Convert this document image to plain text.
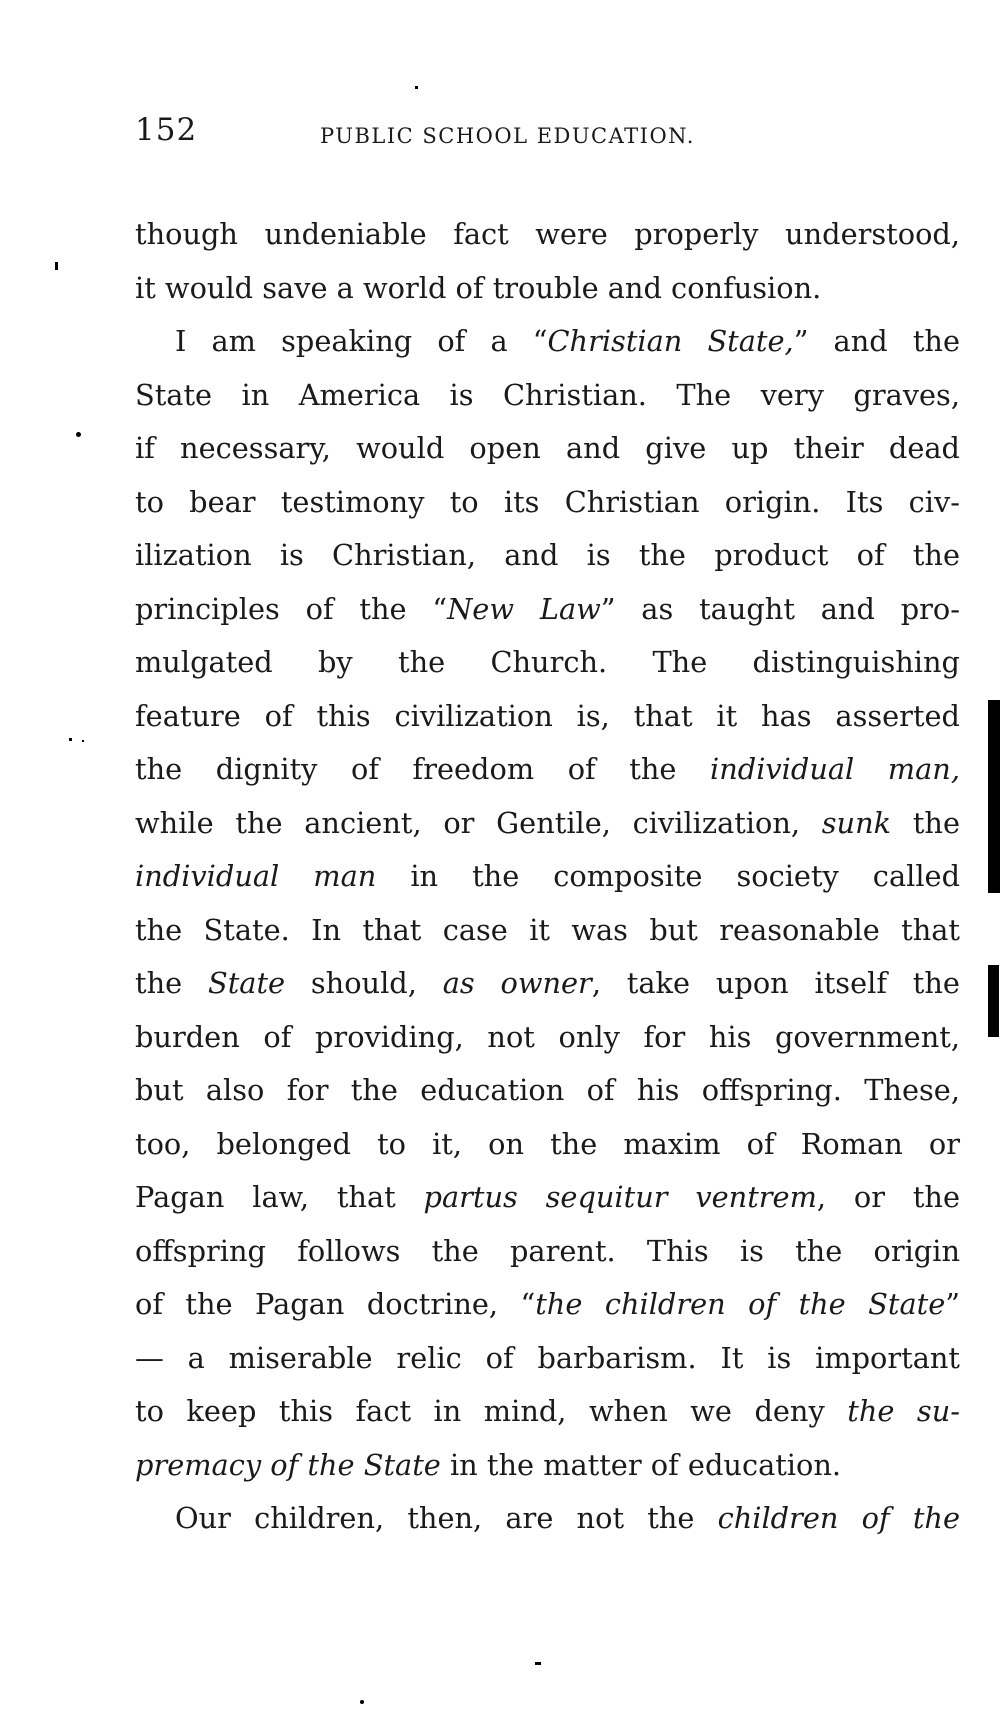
152	PUBLIC SCHOOL EDUCATION.
though undeniable fact were properly understood,
it would save a world of trouble and confusion.
I am speaking of a “Christian State,” and the
State in America is Christian. The very graves,
if necessary, would open and give up their dead
to bear testimony to its Christian origin. Its civ-
ilization is Christian, and is the product of the
principles of the “New Law” as taught and pro-
mulgated by the Church. The distinguishing
feature of this civilization is, that it has asserted
the dignity of freedom of the individual man,
while the ancient, or Gentile, civilization, sunk the
individual man in the composite society called
the State. In that case it was but reasonable that
the State should, as owner, take upon itself the
burden of providing, not only for his government,
but also for the education of his offspring. These,
too, belonged to it, on the maxim of Roman or
Pagan law, that partus sequitur ventrem, or the
offspring follows the parent. This is the origin
of the Pagan doctrine, “the children of the State”
— a miserable relic of barbarism. It is important
to keep this fact in mind, when we deny the su-
premacy of the State in the matter of education.
Our children, then, are not the children of the
